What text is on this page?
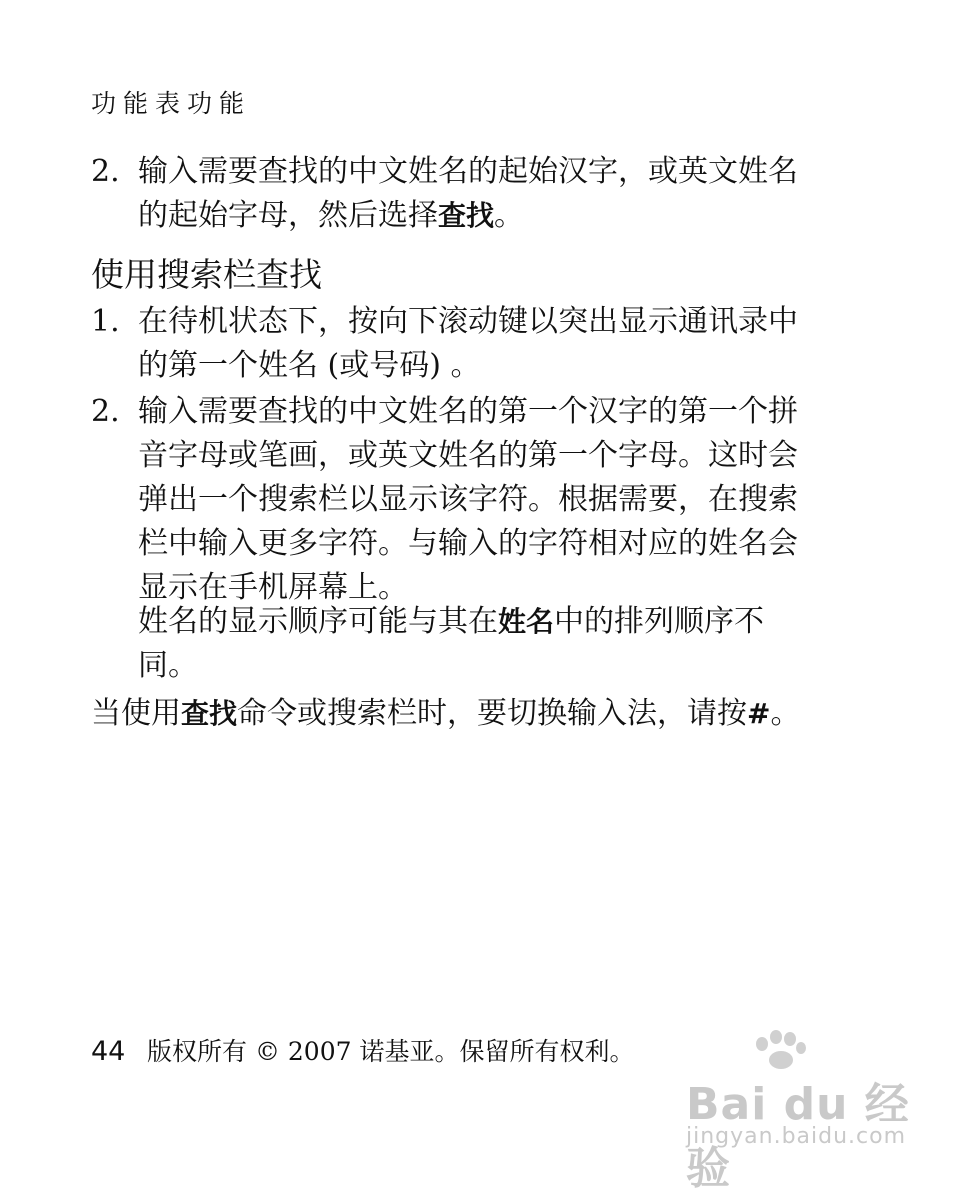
功能表功能
2. 输入需要查找的中文姓名的起始汉字，或英文姓名的起始字母，然后选择查找。
使用搜索栏查找
1. 在待机状态下，按向下滚动键以突出显示通讯录中的第一个姓名 (或号码) 。
2. 输入需要查找的中文姓名的第一个汉字的第一个拼音字母或笔画，或英文姓名的第一个字母。这时会弹出一个搜索栏以显示该字符。根据需要，在搜索栏中输入更多字符。与输入的字符相对应的姓名会显示在手机屏幕上。
姓名的显示顺序可能与其在姓名中的排列顺序不同。
当使用查找命令或搜索栏时，要切换输入法，请按#。
44 版权所有 © 2007 诺基亚。保留所有权利。
Bai du 经验
jingyan.baidu.com
